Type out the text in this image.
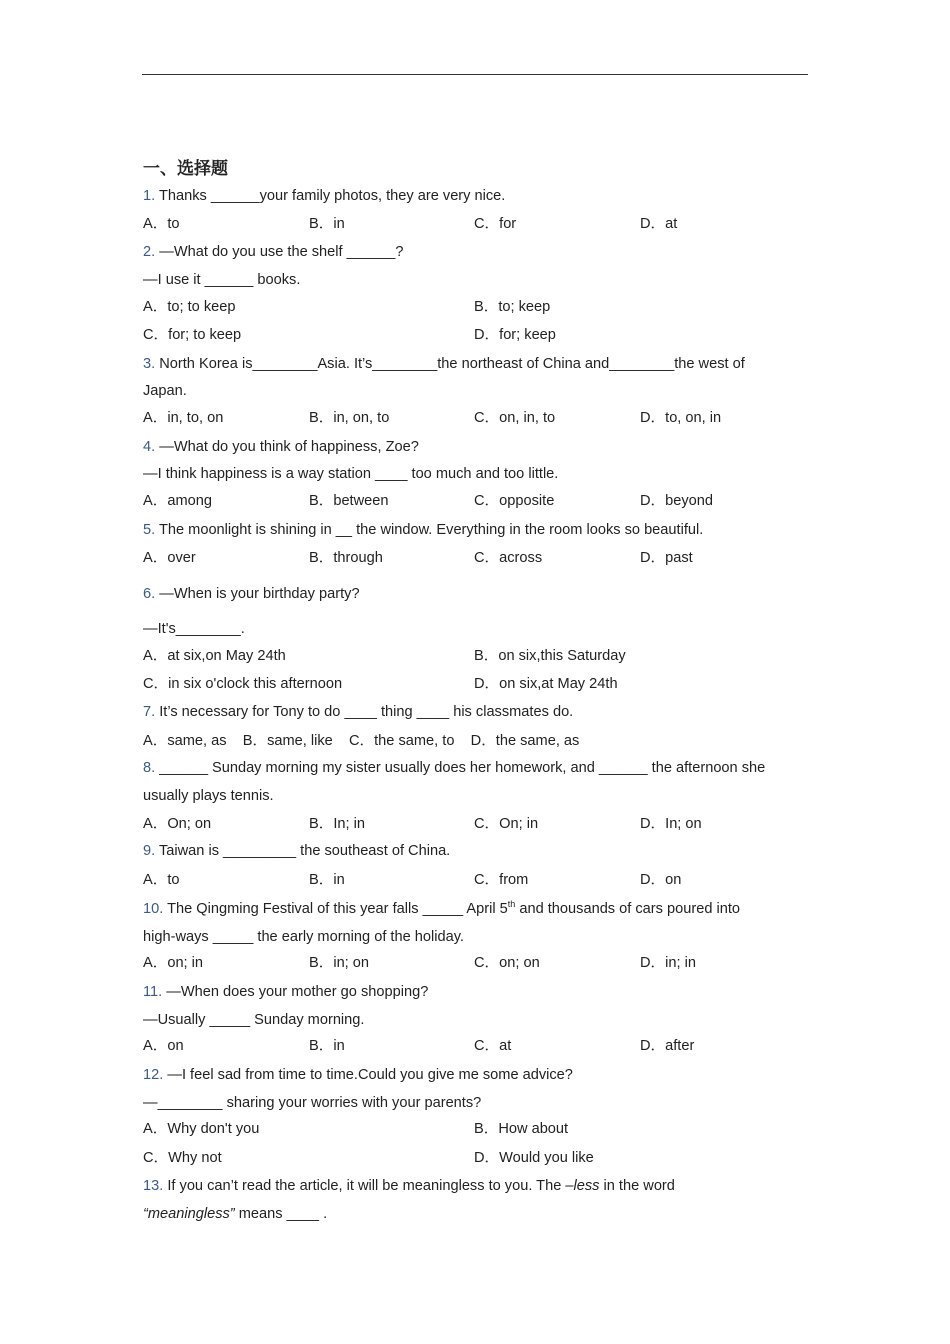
一、选择题
1. Thanks ______your family photos, they are very nice.
A．to	B．in	C．for	D．at
2. —What do you use the shelf ______?
—I use it ______ books.
A．to; to keep	B．to; keep
C．for; to keep	D．for; keep
3. North Korea is________Asia. It’s________the northeast of China and________the west of
Japan.
A．in, to, on	B．in, on, to	C．on, in, to	D．to, on, in
4. —What do you think of happiness, Zoe?
—I think happiness is a way station ____ too much and too little.
A．among	B．between	C．opposite	D．beyond
5. The moonlight is shining in __ the window. Everything in the room looks so beautiful.
A．over	B．through	C．across	D．past
6. —When is your birthday party?
—It's________.
A．at six,on May 24th	B．on six,this Saturday
C．in six o'clock this afternoon	D．on six,at May 24th
7. It’s necessary for Tony to do ____ thing ____ his classmates do.
A．same, as    B．same, like    C．the same, to    D．the same, as
8. ______ Sunday morning my sister usually does her homework, and ______ the afternoon she
usually plays tennis.
A．On; on	B．In; in	C．On; in	D．In; on
9. Taiwan is _________ the southeast of China.
A．to	B．in	C．from	D．on
10. The Qingming Festival of this year falls _____ April 5th and thousands of cars poured into
high-ways _____ the early morning of the holiday.
A．on; in	B．in; on	C．on; on	D．in; in
11. —When does your mother go shopping?
—Usually _____ Sunday morning.
A．on	B．in	C．at	D．after
12. —I feel sad from time to time.Could you give me some advice?
—________ sharing your worries with your parents?
A．Why don't you	B．How about
C．Why not	D．Would you like
13. If you can’t read the article, it will be meaningless to you. The –less in the word
“meaningless” means ____ .
